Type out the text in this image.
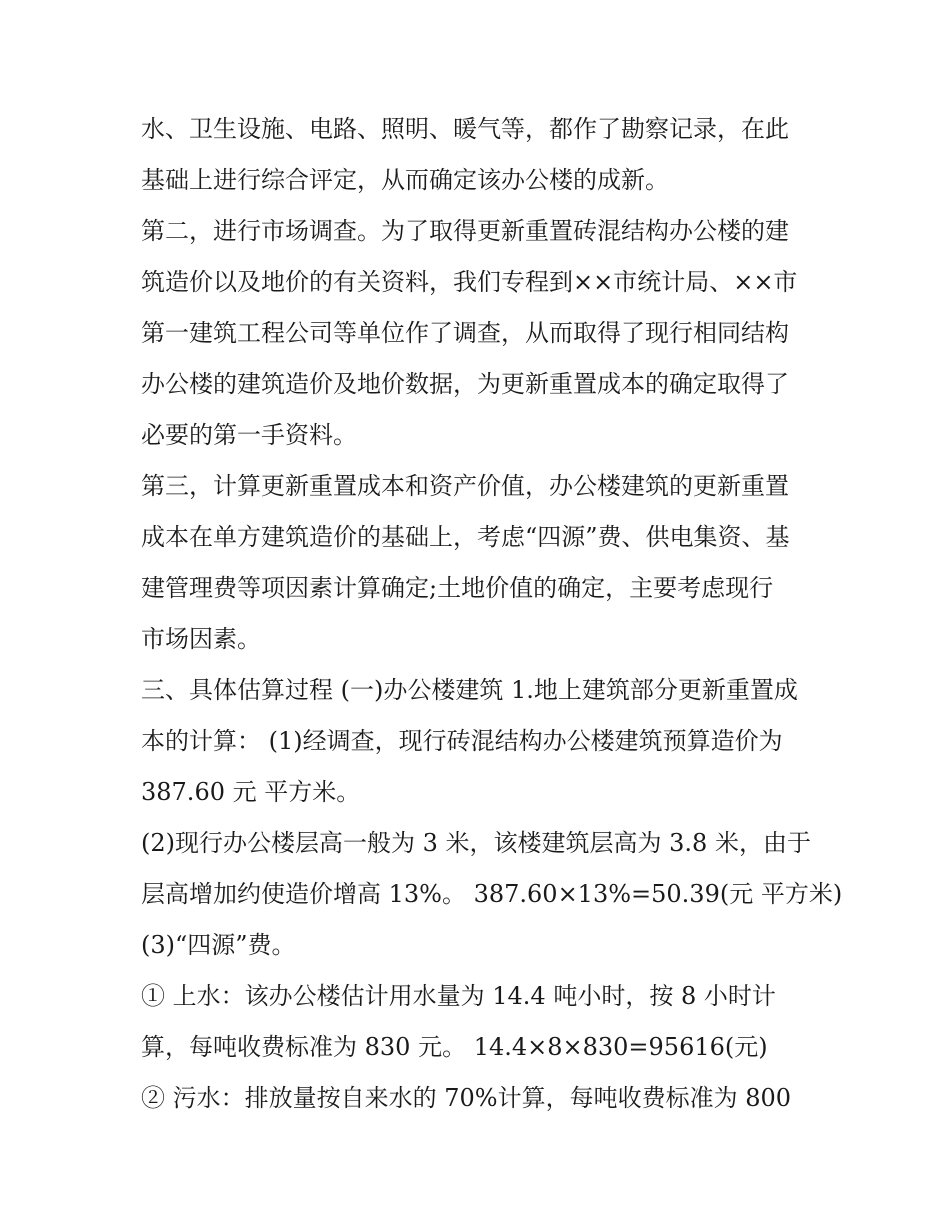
水、卫生设施、电路、照明、暖气等，都作了勘察记录，在此
基础上进行综合评定，从而确定该办公楼的成新。
第二，进行市场调查。为了取得更新重置砖混结构办公楼的建
筑造价以及地价的有关资料，我们专程到××市统计局、××市
第一建筑工程公司等单位作了调查，从而取得了现行相同结构
办公楼的建筑造价及地价数据，为更新重置成本的确定取得了
必要的第一手资料。
第三，计算更新重置成本和资产价值，办公楼建筑的更新重置
成本在单方建筑造价的基础上，考虑“四源”费、供电集资、基
建管理费等项因素计算确定;土地价值的确定，主要考虑现行
市场因素。
三、具体估算过程 (一)办公楼建筑 1.地上建筑部分更新重置成
本的计算： (1)经调查，现行砖混结构办公楼建筑预算造价为
387.60 元 平方米。
(2)现行办公楼层高一般为 3 米，该楼建筑层高为 3.8 米，由于
层高增加约使造价增高 13%。 387.60×13%=50.39(元 平方米)
(3)“四源”费。
① 上水：该办公楼估计用水量为 14.4 吨小时，按 8 小时计
算，每吨收费标准为 830 元。 14.4×8×830=95616(元)
② 污水：排放量按自来水的 70%计算，每吨收费标准为 800
